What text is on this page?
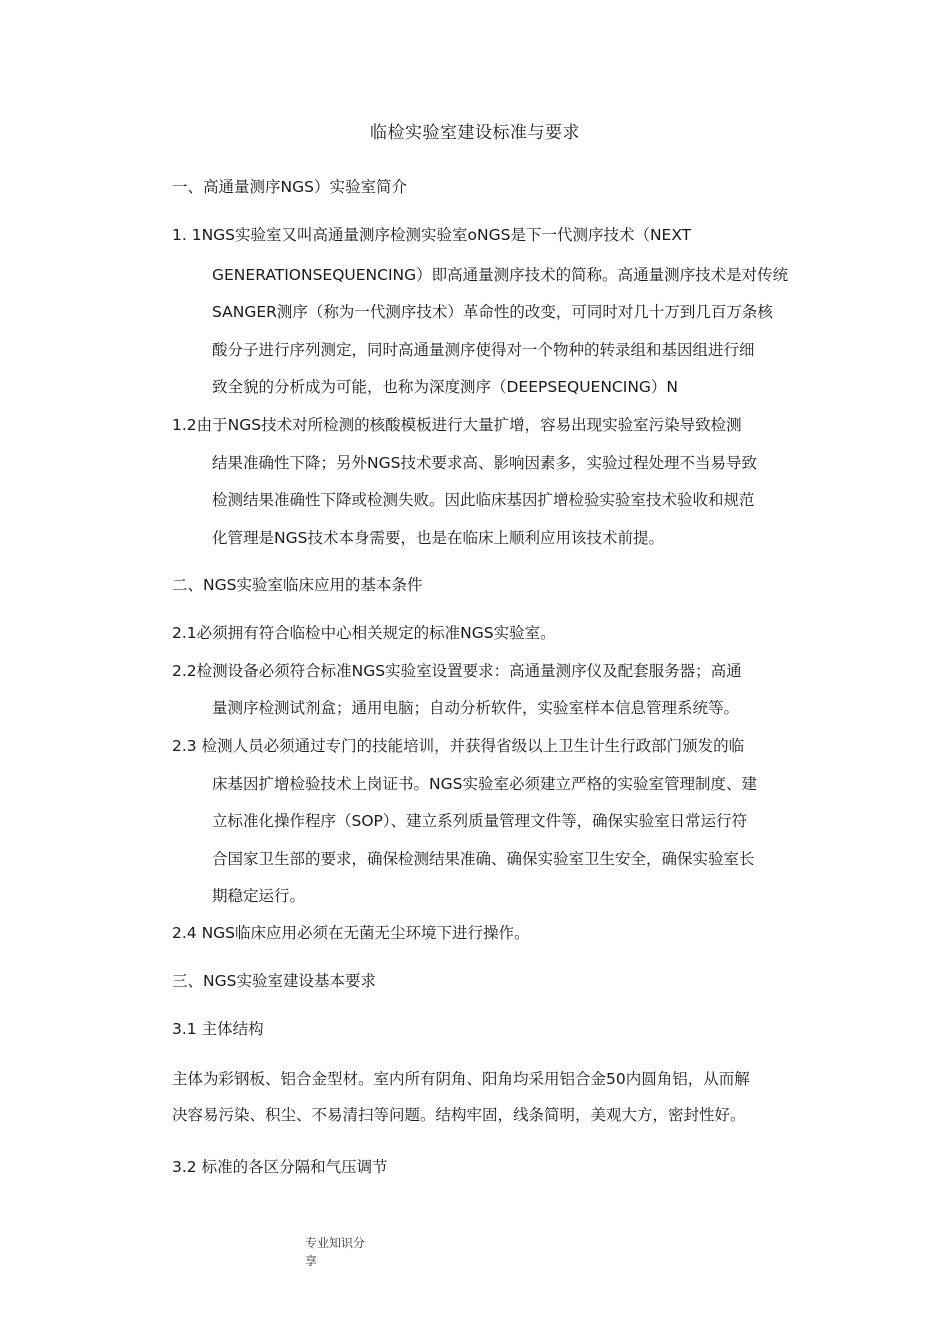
临检实验室建设标准与要求
一、高通量测序NGS）实验室简介
1. 1NGS实验室又叫高通量测序检测实验室oNGS是下一代测序技术（NEXT
GENERATIONSEQUENCING）即高通量测序技术的简称。高通量测序技术是对传统
SANGER测序（称为一代测序技术）革命性的改变，可同时对几十万到几百万条核
酸分子进行序列测定，同时高通量测序使得对一个物种的转录组和基因组进行细
致全貌的分析成为可能，也称为深度测序（DEEPSEQUENCING）N
1.2由于NGS技术对所检测的核酸模板进行大量扩增，容易出现实验室污染导致检测
结果准确性下降；另外NGS技术要求高、影响因素多，实验过程处理不当易导致
检测结果准确性下降或检测失败。因此临床基因扩增检验实验室技术验收和规范
化管理是NGS技术本身需要，也是在临床上顺利应用该技术前提。
二、NGS实验室临床应用的基本条件
2.1必须拥有符合临检中心相关规定的标准NGS实验室。
2.2检测设备必须符合标准NGS实验室设置要求：高通量测序仪及配套服务器；高通
量测序检测试剂盒；通用电脑；自动分析软件，实验室样本信息管理系统等。
2.3 检测人员必须通过专门的技能培训，并获得省级以上卫生计生行政部门颁发的临
床基因扩增检验技术上岗证书。NGS实验室必须建立严格的实验室管理制度、建
立标准化操作程序（SOP）、建立系列质量管理文件等，确保实验室日常运行符
合国家卫生部的要求，确保检测结果准确、确保实验室卫生安全，确保实验室长
期稳定运行。
2.4 NGS临床应用必须在无菌无尘环境下进行操作。
三、NGS实验室建设基本要求
3.1 主体结构
主体为彩钢板、铝合金型材。室内所有阴角、阳角均采用铝合金50内圆角铝，从而解
决容易污染、积尘、不易清扫等问题。结构牢固，线条简明，美观大方，密封性好。
3.2 标准的各区分隔和气压调节
专业知识分
享
